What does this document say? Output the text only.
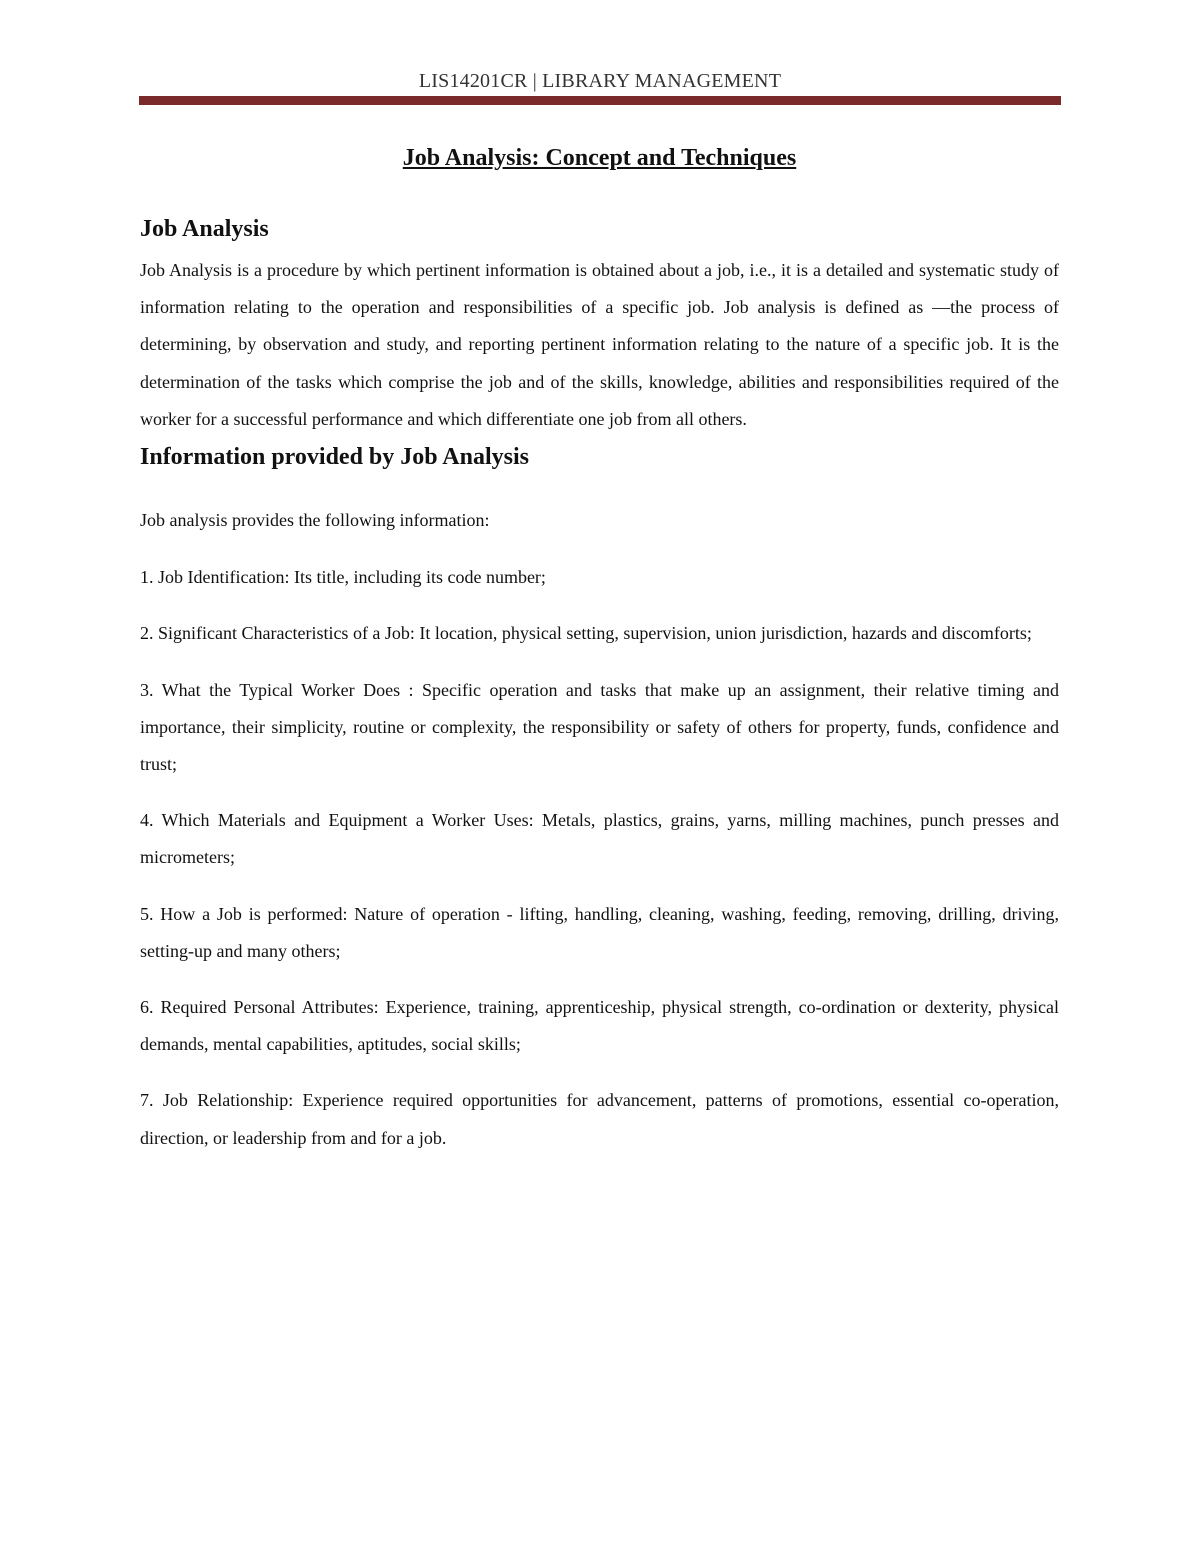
LIS14201CR | LIBRARY MANAGEMENT
Job Analysis: Concept and Techniques
Job Analysis

Job Analysis is a procedure by which pertinent information is obtained about a job, i.e., it is a detailed and systematic study of information relating to the operation and responsibilities of a specific job. Job analysis is defined as —the process of determining, by observation and study, and reporting pertinent information relating to the nature of a specific job. It is the determination of the tasks which comprise the job and of the skills, knowledge, abilities and responsibilities required of the worker for a successful performance and which differentiate one job from all others.

Information provided by Job Analysis

Job analysis provides the following information:

1. Job Identification: Its title, including its code number;

2. Significant Characteristics of a Job: It location, physical setting, supervision, union jurisdiction, hazards and discomforts;

3. What the Typical Worker Does : Specific operation and tasks that make up an assignment, their relative timing and importance, their simplicity, routine or complexity, the responsibility or safety of others for property, funds, confidence and trust;

4. Which Materials and Equipment a Worker Uses: Metals, plastics, grains, yarns, milling machines, punch presses and micrometers;

5. How a Job is performed: Nature of operation - lifting, handling, cleaning, washing, feeding, removing, drilling, driving, setting-up and many others;

6. Required Personal Attributes: Experience, training, apprenticeship, physical strength, co-ordination or dexterity, physical demands, mental capabilities, aptitudes, social skills;

7. Job Relationship: Experience required opportunities for advancement, patterns of promotions, essential co-operation, direction, or leadership from and for a job.
